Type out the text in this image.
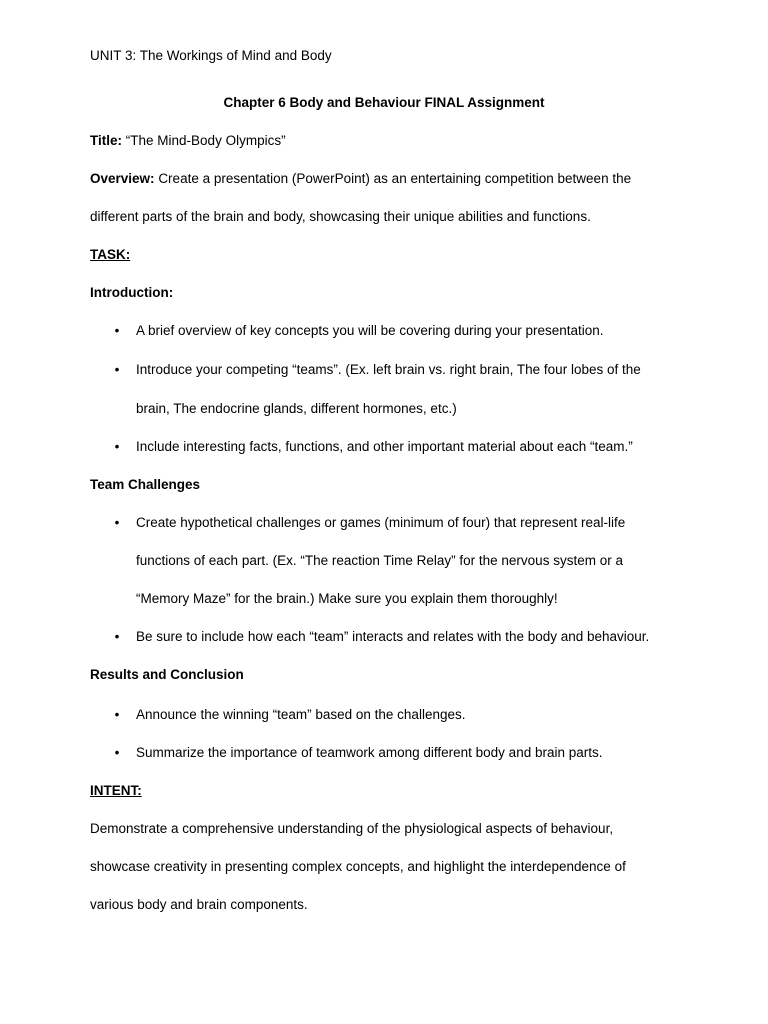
UNIT 3: The Workings of Mind and Body
Chapter 6 Body and Behaviour FINAL Assignment
Title: “The Mind-Body Olympics”
Overview: Create a presentation (PowerPoint) as an entertaining competition between the
different parts of the brain and body, showcasing their unique abilities and functions.
TASK:
Introduction:
• A brief overview of key concepts you will be covering during your presentation.
• Introduce your competing “teams”. (Ex. left brain vs. right brain, The four lobes of the
brain, The endocrine glands, different hormones, etc.)
• Include interesting facts, functions, and other important material about each “team.”
Team Challenges
• Create hypothetical challenges or games (minimum of four) that represent real-life
functions of each part. (Ex. “The reaction Time Relay” for the nervous system or a
“Memory Maze” for the brain.) Make sure you explain them thoroughly!
• Be sure to include how each “team” interacts and relates with the body and behaviour.
Results and Conclusion
• Announce the winning “team” based on the challenges.
• Summarize the importance of teamwork among different body and brain parts.
INTENT:
Demonstrate a comprehensive understanding of the physiological aspects of behaviour,
showcase creativity in presenting complex concepts, and highlight the interdependence of
various body and brain components.
